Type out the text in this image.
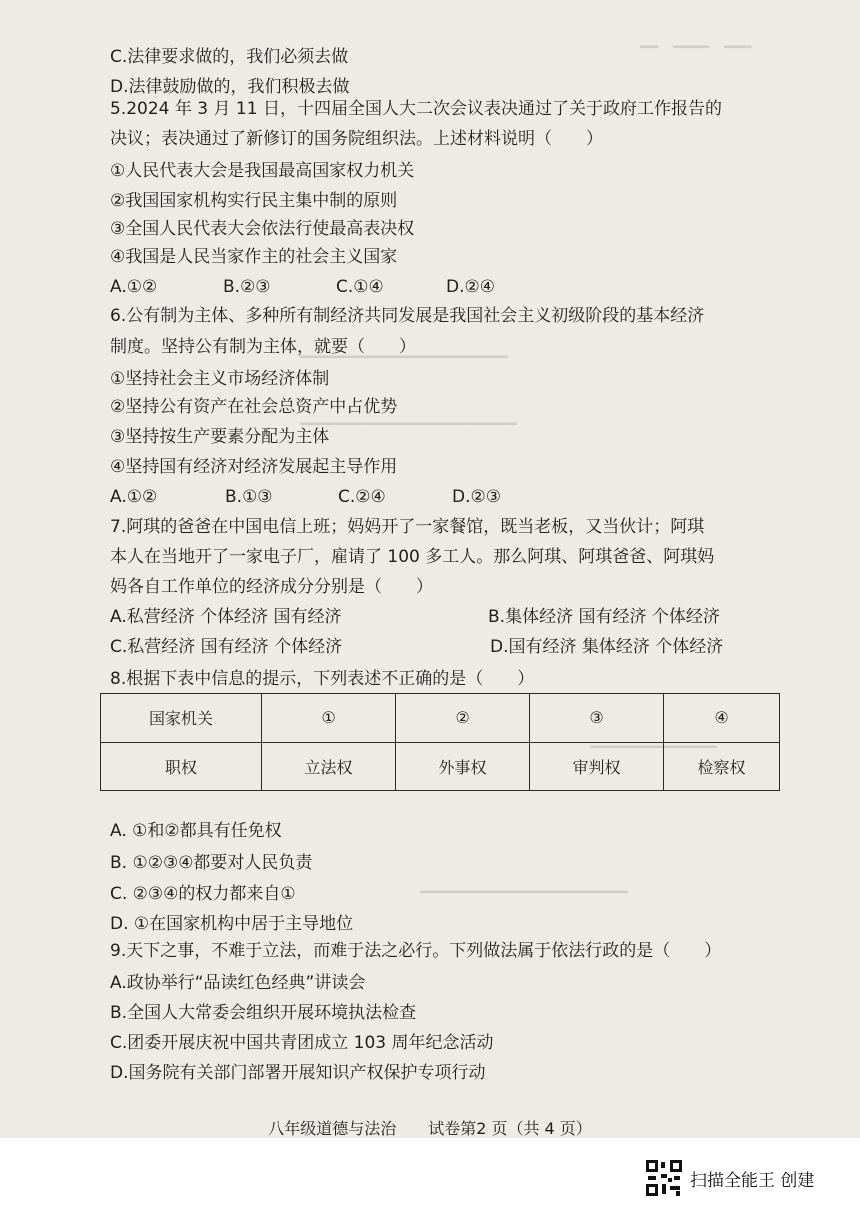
━━　━━━━　━━━
━━━━━━━━━━━━━━━━━━━━━━━
━━━━━━━━━━━━━━━━━━━━━━━━
━━━━━━━━━━━━━━
━━━━━━━━━━━━━━━━━━━━━━━
C.法律要求做的，我们必须去做
D.法律鼓励做的，我们积极去做
5.2024 年 3 月 11 日，十四届全国人大二次会议表决通过了关于政府工作报告的
决议；表决通过了新修订的国务院组织法。上述材料说明（　　）
①人民代表大会是我国最高国家权力机关
②我国国家机构实行民主集中制的原则
③全国人民代表大会依法行使最高表决权
④我国是人民当家作主的社会主义国家
A.①②	B.②③	C.①④	D.②④
6.公有制为主体、多种所有制经济共同发展是我国社会主义初级阶段的基本经济
制度。坚持公有制为主体，就要（　　）
①坚持社会主义市场经济体制
②坚持公有资产在社会总资产中占优势
③坚持按生产要素分配为主体
④坚持国有经济对经济发展起主导作用
A.①②	B.①③	C.②④	D.②③
7.阿琪的爸爸在中国电信上班；妈妈开了一家餐馆，既当老板，又当伙计；阿琪
本人在当地开了一家电子厂，雇请了 100 多工人。那么阿琪、阿琪爸爸、阿琪妈
妈各自工作单位的经济成分分别是（　　）
A.私营经济 个体经济 国有经济	B.集体经济 国有经济 个体经济
C.私营经济 国有经济 个体经济	D.国有经济 集体经济 个体经济
8.根据下表中信息的提示，下列表述不正确的是（　　）
国家机关	①	②	③	④
职权	立法权	外事权	审判权	检察权
A. ①和②都具有任免权
B. ①②③④都要对人民负责
C. ②③④的权力都来自①
D. ①在国家机构中居于主导地位
9.天下之事，不难于立法，而难于法之必行。下列做法属于依法行政的是（　　）
A.政协举行“品读红色经典”讲读会
B.全国人大常委会组织开展环境执法检查
C.团委开展庆祝中国共青团成立 103 周年纪念活动
D.国务院有关部门部署开展知识产权保护专项行动
八年级道德与法治　　试卷第2 页（共 4 页）
扫描全能王 创建
